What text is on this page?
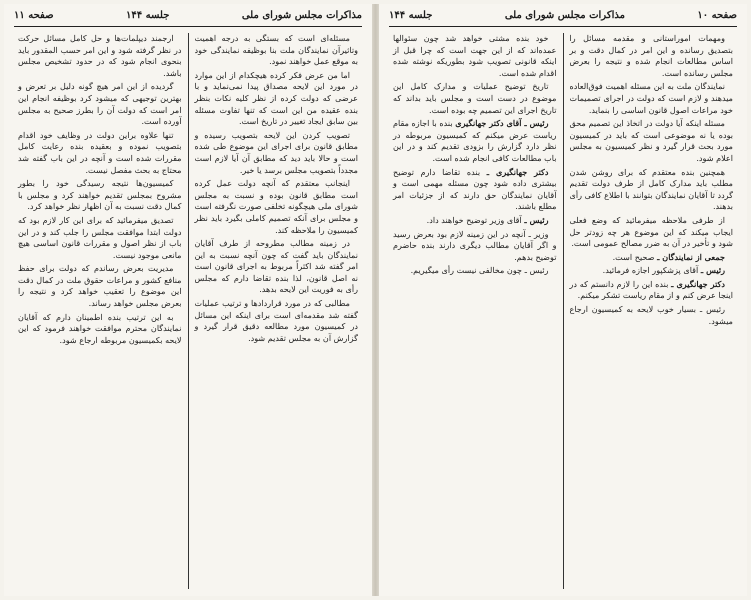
مذاکرات مجلس شورای ملی
جلسه ۱۴۴
صفحه ۱۱

مسئله‌ای است که بستگی به درجه اهمیت وتاثیرآن نمایندگان ملت بنا بوظیفه نمایندگی خود به موقع عمل خواهند نمود.

اما من عرض فکر کرده هیچکدام از این موارد در مورد این لایحه مصداق پیدا نمی‌نماید و با عرضی که دولت کرده از نظر کلیه نکات بنظر بنده عقیده من این است که تنها تفاوت مسئله بین سابق ایجاد تغییر در تاریخ است.

تصویب کردن این لایحه بتصویب رسیده و مطابق قانون برای اجرای این موضوع طی شده است و حالا باید دید که مطابق آن آیا لازم است مجدداً بتصویب مجلس برسد یا خیر.

اینجانب معتقدم که آنچه دولت عمل کرده است مطابق قانون بوده و نسبت به مجلس شورای ملی هیچگونه تخلفی صورت نگرفته است و مجلس برای آنکه تصمیم کاملی بگیرد باید نظر کمیسیون را ملاحظه کند.

در زمینه مطالب مطروحه از طرف آقایان نمایندگان باید گفت که چون آنچه نسبت به این امر گفته شد اکثراً مربوط به اجرای قانون است نه اصل قانون، لذا بنده تقاضا دارم که مجلس رأی به فوریت این لایحه بدهد.

مطالبی که در مورد قراردادها و ترتیب عملیات گفته شد مقدمه‌ای است برای اینکه این مسائل در کمیسیون مورد مطالعه دقیق قرار گیرد و گزارش آن به مجلس تقدیم شود.

ارجمند دیپلمات‌ها و حل کامل مسائل حرکت در نظر گرفته شود و این امر حسب المقدور باید بنحوی انجام شود که در حدود تشخیص مجلس باشد.

گردیده از این امر هیچ گونه دلیل بر تعرض و بهترین توجیهی که میشود کرد بوظیفه انجام این امر است که دولت آن را بطرز صحیح به مجلس آورده است.

تنها علاوه براین دولت در وظایف خود اقدام بتصویب نموده و بعقیده بنده رعایت کامل مقررات شده است و آنچه در این باب گفته شد محتاج به بحث مفصل نیست.

کمیسیون‌ها نتیجه رسیدگی خود را بطور مشروح بمجلس تقدیم خواهند کرد و مجلس با کمال دقت نسبت به آن اظهار نظر خواهد کرد.

تصدیق میفرمائید که برای این کار لازم بود که دولت ابتدا موافقت مجلس را جلب کند و در این باب از نظر اصول و مقررات قانون اساسی هیچ مانعی موجود نیست.

مدیریت بعرض رساندم که دولت برای حفظ منافع کشور و مراعات حقوق ملت در کمال دقت این موضوع را تعقیب خواهد کرد و نتیجه را بعرض مجلس خواهد رساند.

به این ترتیب بنده اطمینان دارم که آقایان نمایندگان محترم موافقت خواهند فرمود که این لایحه بکمیسیون مربوطه ارجاع شود.

صفحه ۱۰
مذاکرات مجلس شورای ملی
جلسه ۱۴۴

ومهمات اموراستانی و مقدمه مسائل را بتصدیق رسانده و این امر در کمال دقت و بر اساس مطالعات انجام شده و نتیجه را بعرض مجلس رسانده است.

نمایندگان ملت به این مسئله اهمیت فوق‌العاده میدهند و لازم است که دولت در اجرای تصمیمات خود مراعات اصول قانون اساسی را بنماید.

مسئله اینکه آیا دولت در اتخاذ این تصمیم محق بوده یا نه موضوعی است که باید در کمیسیون مورد بحث قرار گیرد و نظر کمیسیون به مجلس اعلام شود.

همچنین بنده معتقدم که برای روشن شدن مطلب باید مدارک کامل از طرف دولت تقدیم گردد تا آقایان نمایندگان بتوانند با اطلاع کافی رأی بدهند.

از طرفی ملاحظه میفرمائید که وضع فعلی ایجاب میکند که این موضوع هر چه زودتر حل شود و تأخیر در آن به ضرر مصالح عمومی است.

جمعی از نمایندگان ـ صحیح است.

رئیس ـ آقای پزشکپور اجازه فرمائید.

دکتر جهانگیری ـ بنده این را لازم دانستم که در اینجا عرض کنم و از مقام ریاست تشکر میکنم.

رئیس ـ بسیار خوب لایحه به کمیسیون ارجاع میشود.

خود بنده مشتی خواهد شد چون سئوالها عمده‌اند که از این جهت است که چرا قبل از اینکه قانونی تصویب شود بطوریکه نوشته شده اقدام شده است.

تاریخ توضیح عملیات و مدارک کامل این موضوع در دست است و مجلس باید بداند که تاریخ اجرای این تصمیم چه بوده است.

رئیس ـ آقای دکتر جهانگیری بنده با اجازه مقام ریاست عرض میکنم که کمیسیون مربوطه در نظر دارد گزارش را بزودی تقدیم کند و در این باب مطالعات کافی انجام شده است.

دکتر جهانگیری ـ بنده تقاضا دارم توضیح بیشتری داده شود چون مسئله مهمی است و آقایان نمایندگان حق دارند که از جزئیات امر مطلع باشند.

رئیس ـ آقای وزیر توضیح خواهند داد.

وزیر ـ آنچه در این زمینه لازم بود بعرض رسید و اگر آقایان مطالب دیگری دارند بنده حاضرم توضیح بدهم.

رئیس ـ چون مخالفی نیست رأی میگیریم.
